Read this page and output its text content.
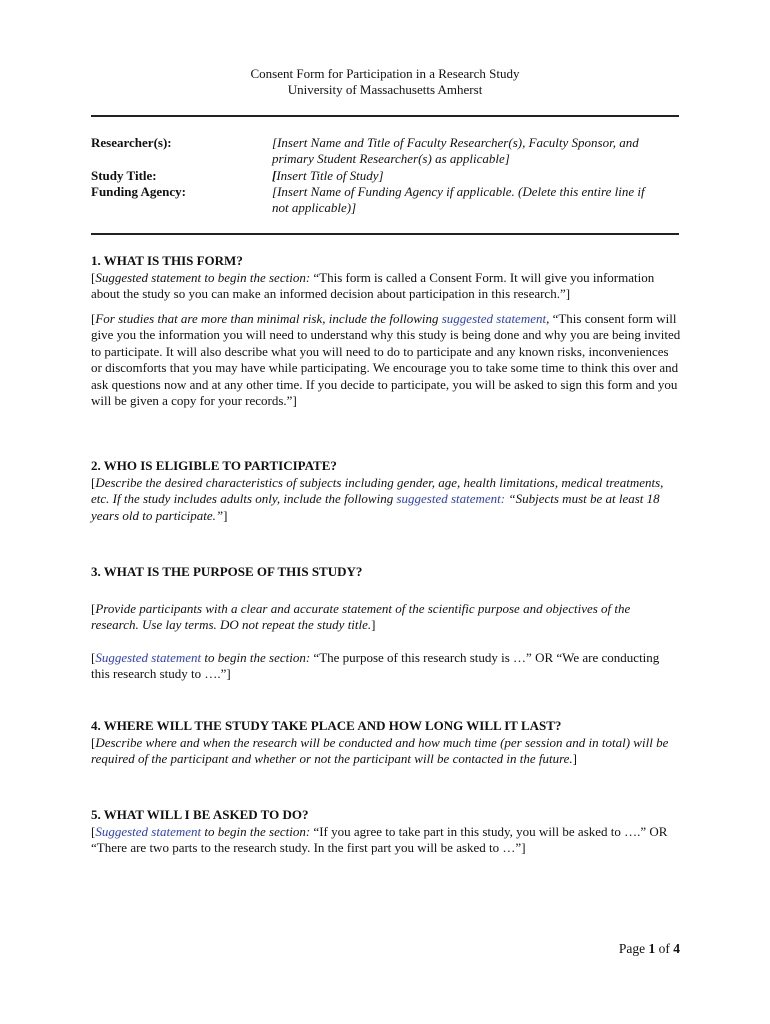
Consent Form for Participation in a Research Study
University of Massachusetts Amherst
Researcher(s):	[Insert Name and Title of Faculty Researcher(s), Faculty Sponsor, and
primary Student Researcher(s) as applicable]
Study Title:	[Insert Title of Study]
Funding Agency:	[Insert Name of Funding Agency if applicable. (Delete this entire line if
not applicable)]
1. WHAT IS THIS FORM?

[Suggested statement to begin the section: “This form is called a Consent Form. It will give you information about the study so you can make an informed decision about participation in this research.”]

[For studies that are more than minimal risk, include the following suggested statement, “This consent form will give you the information you will need to understand why this study is being done and why you are being invited to participate. It will also describe what you will need to do to participate and any known risks, inconveniences or discomforts that you may have while participating. We encourage you to take some time to think this over and ask questions now and at any other time. If you decide to participate, you will be asked to sign this form and you will be given a copy for your records.”]

2. WHO IS ELIGIBLE TO PARTICIPATE?

[Describe the desired characteristics of subjects including gender, age, health limitations, medical treatments, etc. If the study includes adults only, include the following suggested statement: “Subjects must be at least 18 years old to participate.”]

3. WHAT IS THE PURPOSE OF THIS STUDY?

[Provide participants with a clear and accurate statement of the scientific purpose and objectives of the research. Use lay terms. DO not repeat the study title.]

[Suggested statement to begin the section: “The purpose of this research study is …” OR “We are conducting this research study to ….”]

4. WHERE WILL THE STUDY TAKE PLACE AND HOW LONG WILL IT LAST?

[Describe where and when the research will be conducted and how much time (per session and in total) will be required of the participant and whether or not the participant will be contacted in the future.]

5. WHAT WILL I BE ASKED TO DO?

[Suggested statement to begin the section: “If you agree to take part in this study, you will be asked to ….” OR “There are two parts to the research study. In the first part you will be asked to …”]

Page 1 of 4
